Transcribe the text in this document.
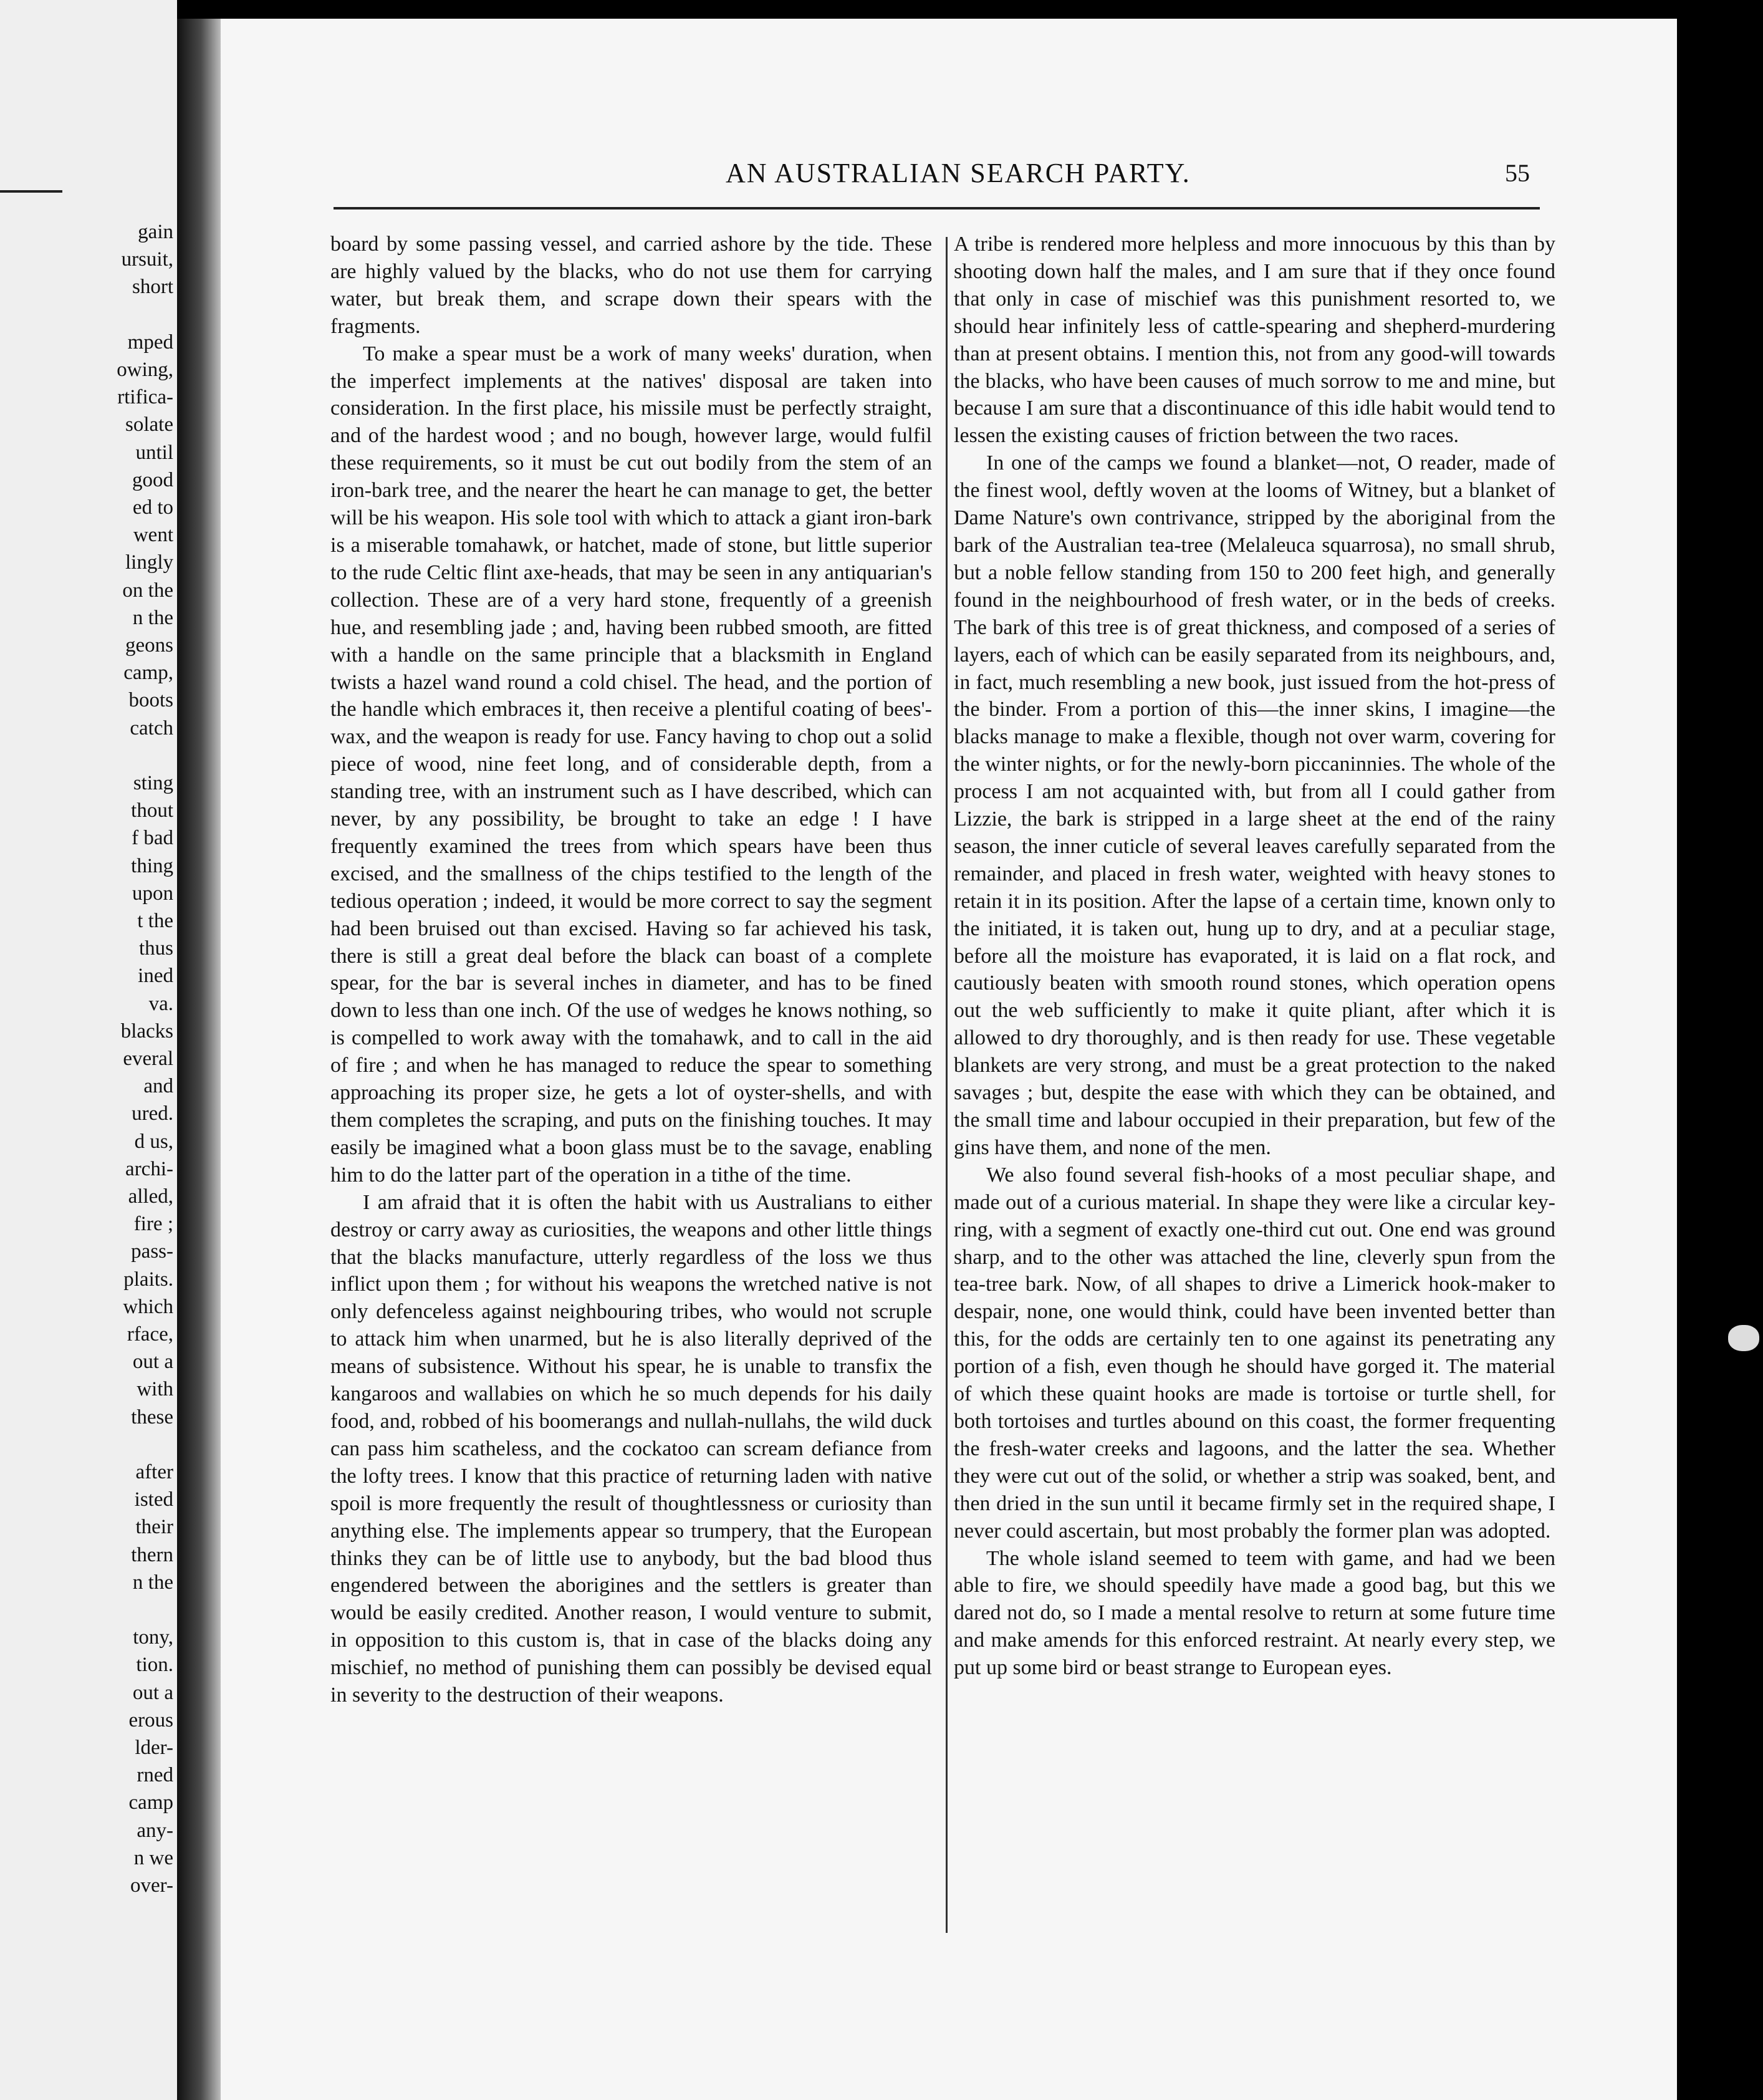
gain
ursuit,
short
mped
owing,
rtifica-
solate
until
good
ed to
went
lingly
on the
n the
geons
camp,
boots
catch
sting
thout
f bad
thing
upon
t the
thus
ined
va.
blacks
everal
and
ured.
d us,
archi-
alled,
fire ;
pass-
plaits.
which
rface,
out a
with
these
after
isted
their
thern
n the
tony,
tion.
out a
erous
lder-
rned
camp
any-
n we
over-
AN AUSTRALIAN SEARCH PARTY.	55

board by some passing vessel, and carried ashore by the tide. These are highly valued by the blacks, who do not use them for carrying water, but break them, and scrape down their spears with the fragments.

To make a spear must be a work of many weeks' duration, when the imperfect implements at the natives' disposal are taken into consideration. In the first place, his missile must be perfectly straight, and of the hardest wood ; and no bough, however large, would fulfil these requirements, so it must be cut out bodily from the stem of an iron-bark tree, and the nearer the heart he can manage to get, the better will be his weapon. His sole tool with which to attack a giant iron-bark is a miserable tomahawk, or hatchet, made of stone, but little superior to the rude Celtic flint axe-heads, that may be seen in any antiquarian's collection. These are of a very hard stone, frequently of a greenish hue, and resembling jade ; and, having been rubbed smooth, are fitted with a handle on the same principle that a blacksmith in England twists a hazel wand round a cold chisel. The head, and the portion of the handle which embraces it, then receive a plentiful coating of bees'-wax, and the weapon is ready for use. Fancy having to chop out a solid piece of wood, nine feet long, and of considerable depth, from a standing tree, with an instrument such as I have described, which can never, by any possibility, be brought to take an edge ! I have frequently examined the trees from which spears have been thus excised, and the smallness of the chips testified to the length of the tedious operation ; indeed, it would be more correct to say the segment had been bruised out than excised. Having so far achieved his task, there is still a great deal before the black can boast of a complete spear, for the bar is several inches in diameter, and has to be fined down to less than one inch. Of the use of wedges he knows nothing, so is compelled to work away with the tomahawk, and to call in the aid of fire ; and when he has managed to reduce the spear to something approaching its proper size, he gets a lot of oyster-shells, and with them completes the scraping, and puts on the finishing touches. It may easily be imagined what a boon glass must be to the savage, enabling him to do the latter part of the operation in a tithe of the time.

I am afraid that it is often the habit with us Australians to either destroy or carry away as curiosities, the weapons and other little things that the blacks manufacture, utterly regardless of the loss we thus inflict upon them ; for without his weapons the wretched native is not only defenceless against neighbouring tribes, who would not scruple to attack him when unarmed, but he is also literally deprived of the means of subsistence. Without his spear, he is unable to transfix the kangaroos and wallabies on which he so much depends for his daily food, and, robbed of his boomerangs and nullah-nullahs, the wild duck can pass him scatheless, and the cockatoo can scream defiance from the lofty trees. I know that this practice of returning laden with native spoil is more frequently the result of thoughtlessness or curiosity than anything else. The implements appear so trumpery, that the European thinks they can be of little use to anybody, but the bad blood thus engendered between the aborigines and the settlers is greater than would be easily credited. Another reason, I would venture to submit, in opposition to this custom is, that in case of the blacks doing any mischief, no method of punishing them can possibly be devised equal in severity to the destruction of their weapons.

A tribe is rendered more helpless and more innocuous by this than by shooting down half the males, and I am sure that if they once found that only in case of mischief was this punishment resorted to, we should hear infinitely less of cattle-spearing and shepherd-murdering than at present obtains. I mention this, not from any good-will towards the blacks, who have been causes of much sorrow to me and mine, but because I am sure that a discontinuance of this idle habit would tend to lessen the existing causes of friction between the two races.

In one of the camps we found a blanket—not, O reader, made of the finest wool, deftly woven at the looms of Witney, but a blanket of Dame Nature's own contrivance, stripped by the aboriginal from the bark of the Australian tea-tree (Melaleuca squarrosa), no small shrub, but a noble fellow standing from 150 to 200 feet high, and generally found in the neighbourhood of fresh water, or in the beds of creeks. The bark of this tree is of great thickness, and composed of a series of layers, each of which can be easily separated from its neighbours, and, in fact, much resembling a new book, just issued from the hot-press of the binder. From a portion of this—the inner skins, I imagine—the blacks manage to make a flexible, though not over warm, covering for the winter nights, or for the newly-born piccaninnies. The whole of the process I am not acquainted with, but from all I could gather from Lizzie, the bark is stripped in a large sheet at the end of the rainy season, the inner cuticle of several leaves carefully separated from the remainder, and placed in fresh water, weighted with heavy stones to retain it in its position. After the lapse of a certain time, known only to the initiated, it is taken out, hung up to dry, and at a peculiar stage, before all the moisture has evaporated, it is laid on a flat rock, and cautiously beaten with smooth round stones, which operation opens out the web sufficiently to make it quite pliant, after which it is allowed to dry thoroughly, and is then ready for use. These vegetable blankets are very strong, and must be a great protection to the naked savages ; but, despite the ease with which they can be obtained, and the small time and labour occupied in their preparation, but few of the gins have them, and none of the men.

We also found several fish-hooks of a most peculiar shape, and made out of a curious material. In shape they were like a circular key-ring, with a segment of exactly one-third cut out. One end was ground sharp, and to the other was attached the line, cleverly spun from the tea-tree bark. Now, of all shapes to drive a Limerick hook-maker to despair, none, one would think, could have been invented better than this, for the odds are certainly ten to one against its penetrating any portion of a fish, even though he should have gorged it. The material of which these quaint hooks are made is tortoise or turtle shell, for both tortoises and turtles abound on this coast, the former frequenting the fresh-water creeks and lagoons, and the latter the sea. Whether they were cut out of the solid, or whether a strip was soaked, bent, and then dried in the sun until it became firmly set in the required shape, I never could ascertain, but most probably the former plan was adopted.

The whole island seemed to teem with game, and had we been able to fire, we should speedily have made a good bag, but this we dared not do, so I made a mental resolve to return at some future time and make amends for this enforced restraint. At nearly every step, we put up some bird or beast strange to European eyes.
